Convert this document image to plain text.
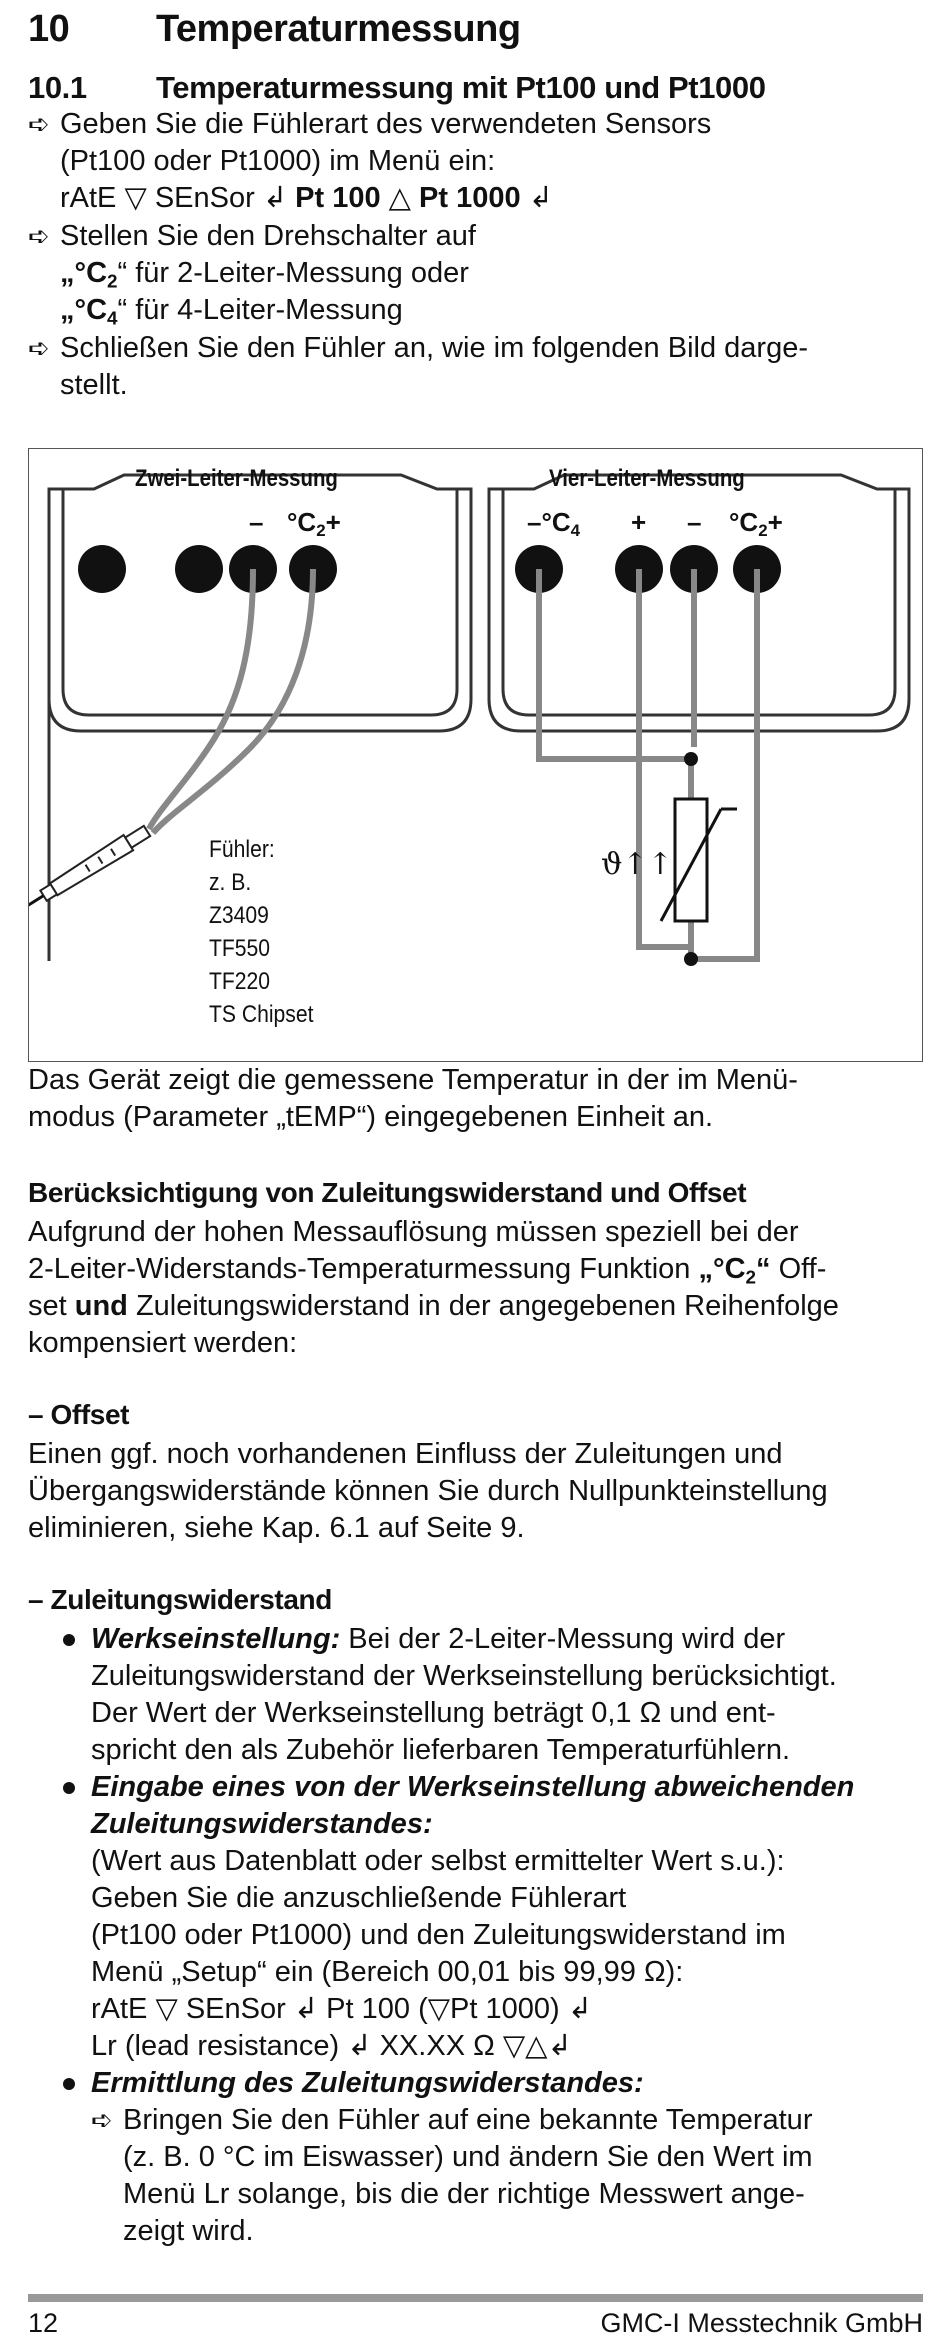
10 Temperaturmessung
10.1 Temperaturmessung mit Pt100 und Pt1000
➪ Geben Sie die Fühlerart des verwendeten Sensors
(Pt100 oder Pt1000) im Menü ein:
rAtE ▽ SEnSor ↲ Pt 100 △ Pt 1000 ↲
➪ Stellen Sie den Drehschalter auf
$„^\circ C_2“$ für 2-Leiter-Messung oder
$„^\circ C_4“$ für 4-Leiter-Messung
➪ Schließen Sie den Fühler an, wie im folgenden Bild darge-
stellt.
Zwei-Leiter-Messung	Vier-Leiter-Messung
– $^\circ C_2+$	$-^\circ C_4$ + – $^\circ C_2+$
Fühler:
z. B.
Z3409
TF550
TF220
TS Chipset
ϑ↑↑
Das Gerät zeigt die gemessene Temperatur in der im Menü-
modus (Parameter „tEMP“) eingegebenen Einheit an.
Berücksichtigung von Zuleitungswiderstand und Offset
Aufgrund der hohen Messauflösung müssen speziell bei der
2-Leiter-Widerstands-Temperaturmessung Funktion $„^\circ C_2“$ Off-
set und Zuleitungswiderstand in der angegebenen Reihenfolge
kompensiert werden:
– Offset
Einen ggf. noch vorhandenen Einfluss der Zuleitungen und
Übergangswiderstände können Sie durch Nullpunkteinstellung
eliminieren, siehe Kap. 6.1 auf Seite 9.
– Zuleitungswiderstand
Werkseinstellung: Bei der 2-Leiter-Messung wird der
Zuleitungswiderstand der Werkseinstellung berücksichtigt.
Der Wert der Werkseinstellung beträgt 0,1 Ω und ent-
spricht den als Zubehör lieferbaren Temperaturfühlern.
Eingabe eines von der Werkseinstellung abweichenden
Zuleitungswiderstandes:
(Wert aus Datenblatt oder selbst ermittelter Wert s.u.):
Geben Sie die anzuschließende Fühlerart
(Pt100 oder Pt1000) und den Zuleitungswiderstand im
Menü „Setup“ ein (Bereich 00,01 bis 99,99 Ω):
rAtE ▽ SEnSor ↲ Pt 100 (▽Pt 1000) ↲
Lr (lead resistance) ↲ XX.XX Ω ▽△↲
Ermittlung des Zuleitungswiderstandes:
➪ Bringen Sie den Fühler auf eine bekannte Temperatur
(z. B. 0 °C im Eiswasser) und ändern Sie den Wert im
Menü Lr solange, bis die der richtige Messwert ange-
zeigt wird.
12	GMC-I Messtechnik GmbH
